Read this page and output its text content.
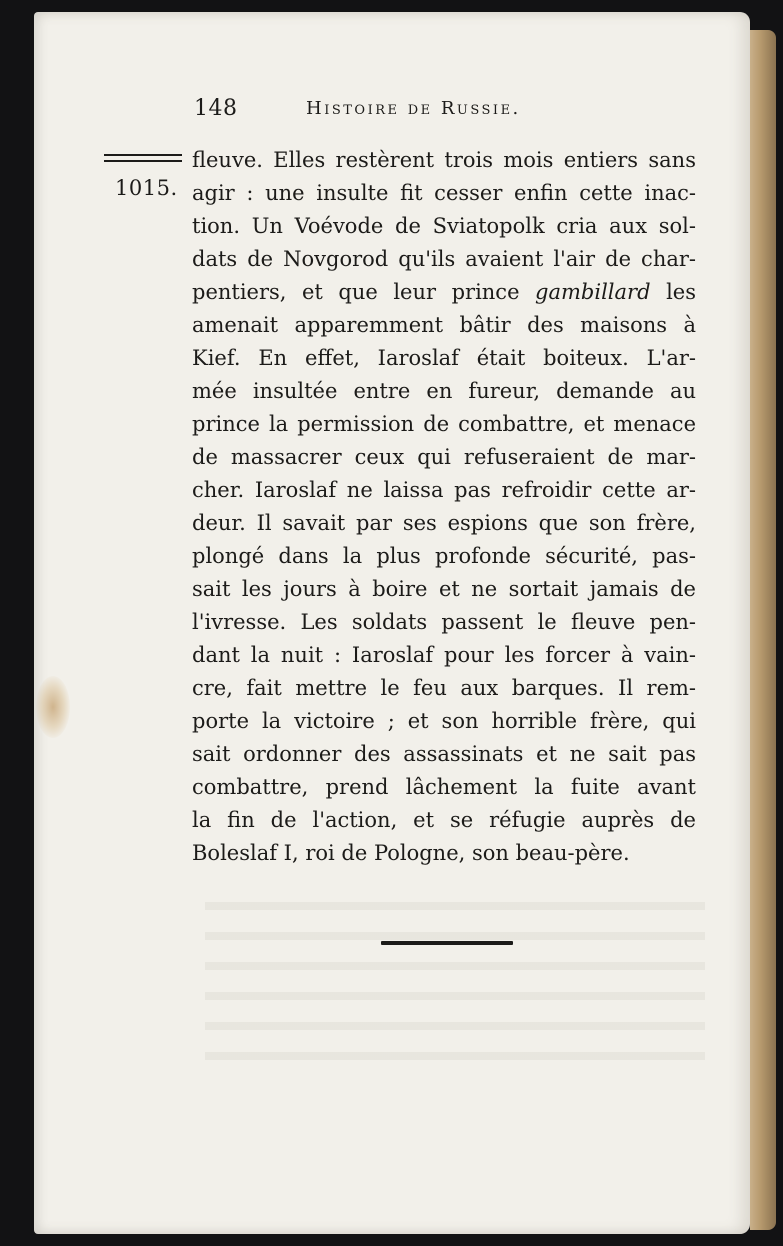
148	Histoire de Russie.
1015.
fleuve. Elles restèrent trois mois entiers sans
agir : une insulte fit cesser enfin cette inac-
tion. Un Voévode de Sviatopolk cria aux sol-
dats de Novgorod qu'ils avaient l'air de char-
pentiers, et que leur prince gambillard les
amenait apparemment bâtir des maisons à
Kief. En effet, Iaroslaf était boiteux. L'ar-
mée insultée entre en fureur, demande au
prince la permission de combattre, et menace
de massacrer ceux qui refuseraient de mar-
cher. Iaroslaf ne laissa pas refroidir cette ar-
deur. Il savait par ses espions que son frère,
plongé dans la plus profonde sécurité, pas-
sait les jours à boire et ne sortait jamais de
l'ivresse. Les soldats passent le fleuve pen-
dant la nuit : Iaroslaf pour les forcer à vain-
cre, fait mettre le feu aux barques. Il rem-
porte la victoire ; et son horrible frère, qui
sait ordonner des assassinats et ne sait pas
combattre, prend lâchement la fuite avant
la fin de l'action, et se réfugie auprès de
Boleslaf I, roi de Pologne, son beau-père.
